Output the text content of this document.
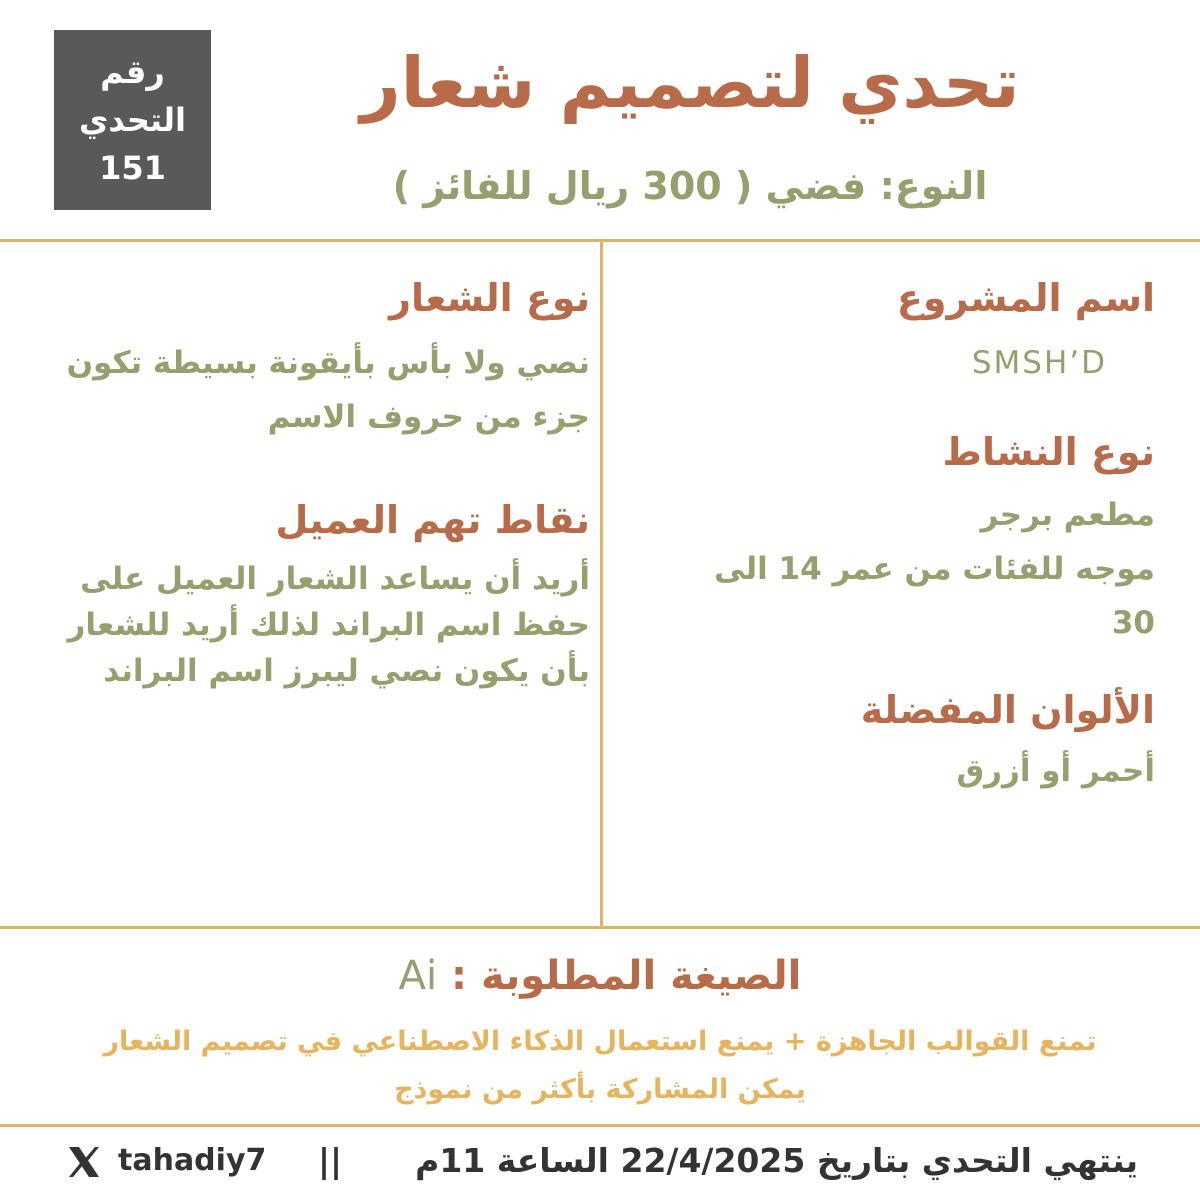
رقم
التحدي
151
تحدي لتصميم شعار
النوع: فضي ( 300 ريال للفائز )

اسم المشروع

SMSH’D

نوع النشاط

مطعم برجر

موجه للفئات من عمر 14 الى

30

الألوان المفضلة

أحمر أو أزرق

نوع الشعار

نصي ولا بأس بأيقونة بسيطة تكون

جزء من حروف الاسم

نقاط تهم العميل

أريد أن يساعد الشعار العميل على

حفظ اسم البراند لذلك أريد للشعار

بأن يكون نصي ليبرز اسم البراند

الصيغة المطلوبة : Ai
تمنع القوالب الجاهزة + يمنع استعمال الذكاء الاصطناعي في تصميم الشعار
يمكن المشاركة بأكثر من نموذج
ينتهي التحدي بتاريخ 22/4/2025 الساعة 11م
||
tahadiy7
